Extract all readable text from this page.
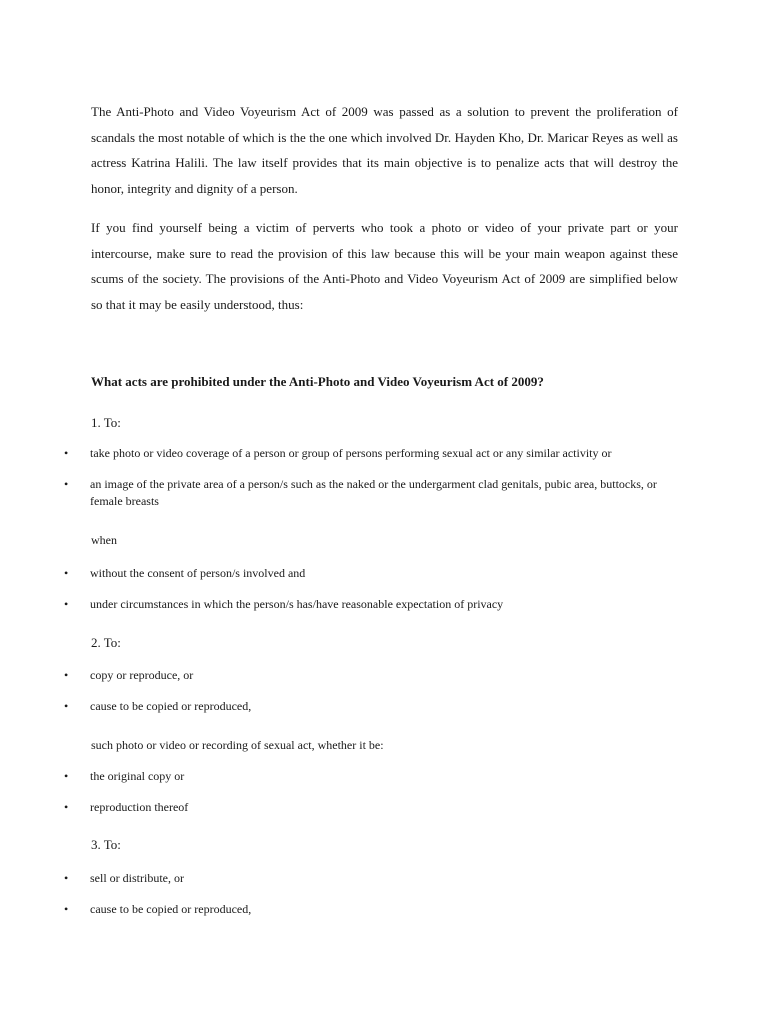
The Anti-Photo and Video Voyeurism Act of 2009 was passed as a solution to prevent the proliferation of scandals the most notable of which is the the one which involved Dr. Hayden Kho, Dr. Maricar Reyes as well as actress Katrina Halili. The law itself provides that its main objective is to penalize acts that will destroy the honor, integrity and dignity of a person.

If you find yourself being a victim of perverts who took a photo or video of your private part or your intercourse, make sure to read the provision of this law because this will be your main weapon against these scums of the society. The provisions of the Anti-Photo and Video Voyeurism Act of 2009 are simplified below so that it may be easily understood, thus:

What acts are prohibited under the Anti-Photo and Video Voyeurism Act of 2009?

1. To:

• take photo or video coverage of a person or group of persons performing sexual act or any similar activity or
• an image of the private area of a person/s such as the naked or the undergarment clad genitals, pubic area, buttocks, or female breasts

when

• without the consent of person/s involved and
• under circumstances in which the person/s has/have reasonable expectation of privacy

2. To:

• copy or reproduce, or
• cause to be copied or reproduced,

such photo or video or recording of sexual act, whether it be:

• the original copy or
• reproduction thereof

3. To:

• sell or distribute, or
• cause to be copied or reproduced,
